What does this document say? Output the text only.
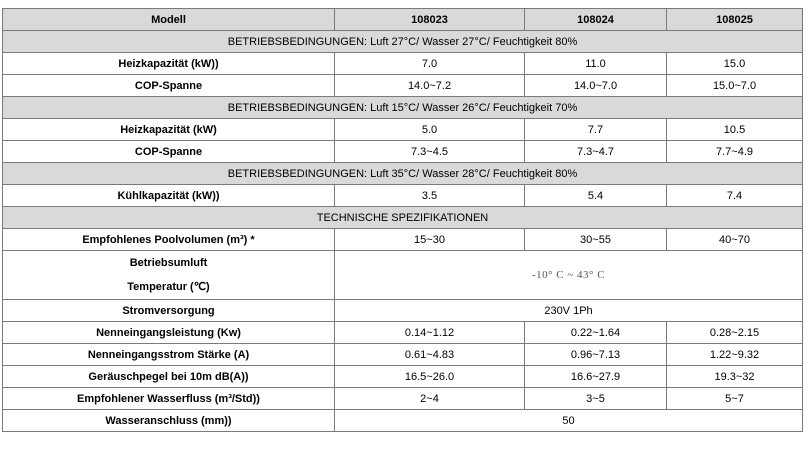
Modell	108023	108024	108025
BETRIEBSBEDINGUNGEN: Luft 27°C/ Wasser 27°C/ Feuchtigkeit 80%			
Heizkapazität (kW))	7.0	11.0	15.0
COP-Spanne	14.0~7.2	14.0~7.0	15.0~7.0
BETRIEBSBEDINGUNGEN: Luft 15°C/ Wasser 26°C/ Feuchtigkeit 70%			
Heizkapazität (kW)	5.0	7.7	10.5
COP-Spanne	7.3~4.5	7.3~4.7	7.7~4.9
BETRIEBSBEDINGUNGEN: Luft 35°C/ Wasser 28°C/ Feuchtigkeit 80%			
Kühlkapazität (kW))	3.5	5.4	7.4
TECHNISCHE SPEZIFIKATIONEN			
Empfohlenes Poolvolumen (m³) *	15~30	30~55	40~70

Betriebsumluft
Temperatur (℃)	-10° C ~ 43° C		
Stromversorgung	230V 1Ph		
Nenneingangsleistung (Kw)	0.14~1.12	0.22~1.64	0.28~2.15
Nenneingangsstrom Stärke (A)	0.61~4.83	0.96~7.13	1.22~9.32
Geräuschpegel bei 10m dB(A))	16.5~26.0	16.6~27.9	19.3~32
Empfohlener Wasserfluss (m³/Std))	2~4	3~5	5~7
Wasseranschluss (mm))	50		
